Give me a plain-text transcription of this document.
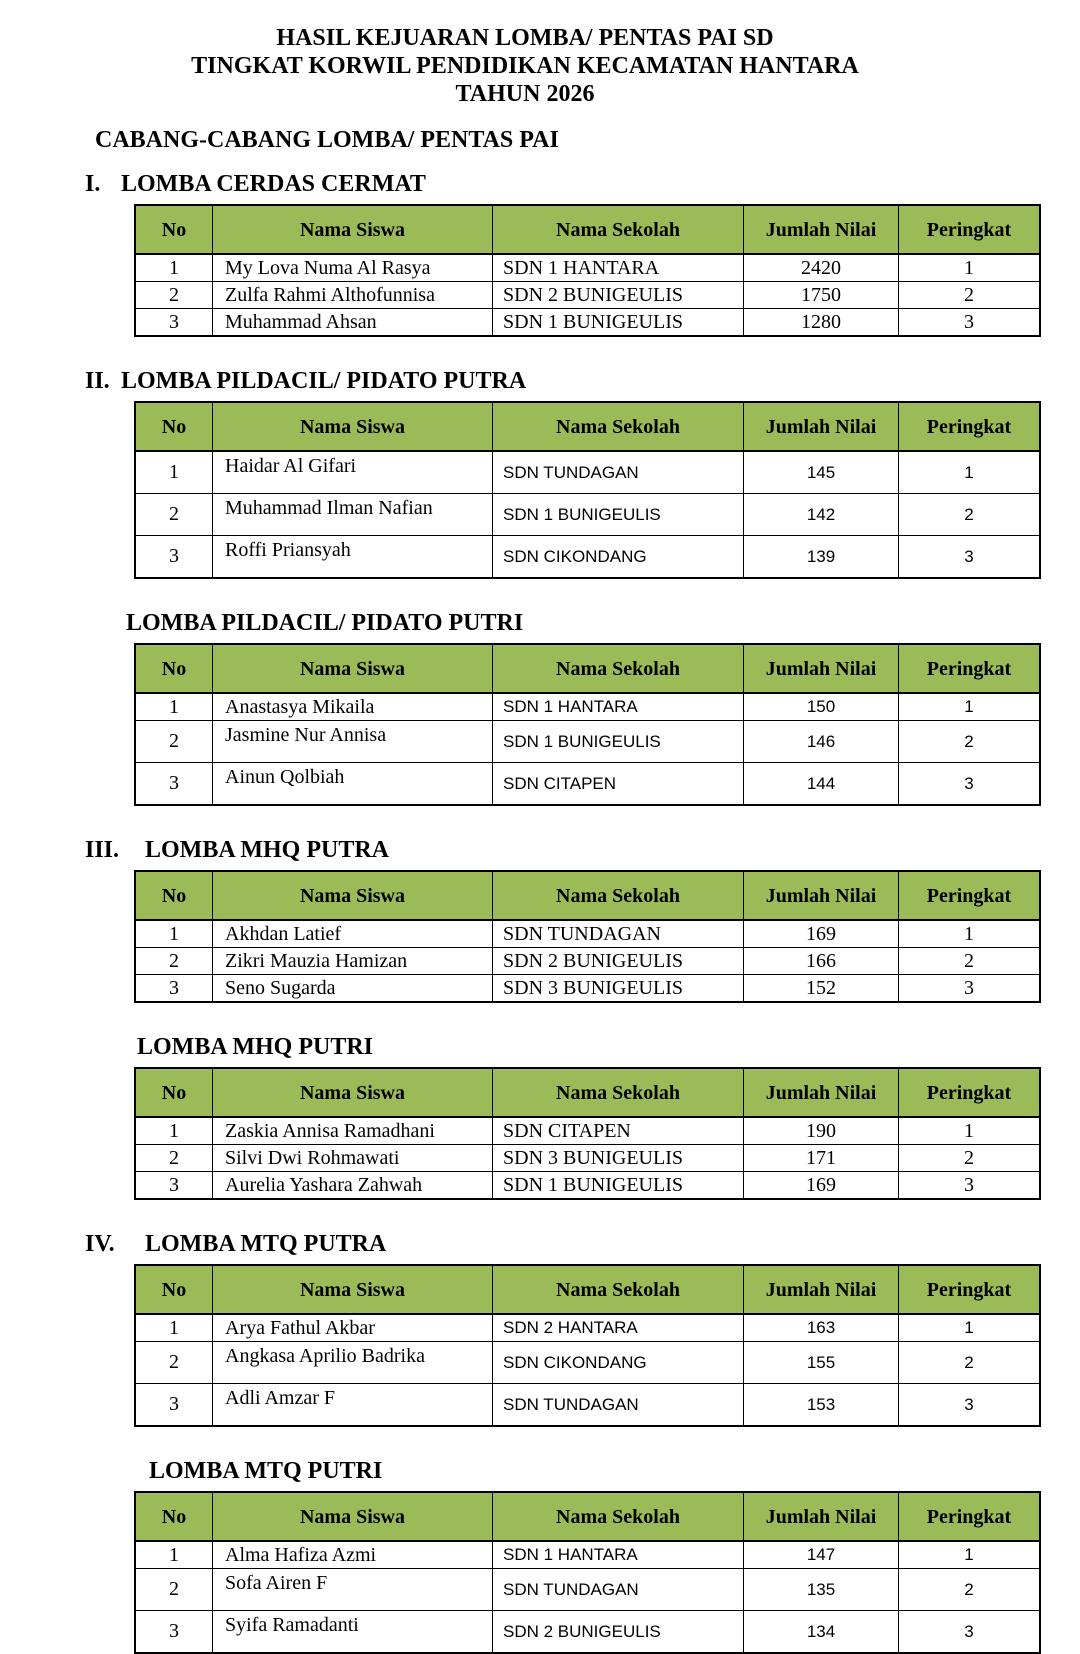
HASIL KEJUARAN LOMBA/ PENTAS PAI SD
TINGKAT KORWIL PENDIDIKAN KECAMATAN HANTARA
TAHUN 2026
CABANG-CABANG LOMBA/ PENTAS PAI
I. LOMBA CERDAS CERMAT
No	Nama Siswa	Nama Sekolah	Jumlah Nilai	Peringkat
1	My Lova Numa Al Rasya	SDN 1 HANTARA	2420	1
2	Zulfa Rahmi Althofunnisa	SDN 2 BUNIGEULIS	1750	2
3	Muhammad Ahsan	SDN 1 BUNIGEULIS	1280	3
II. LOMBA PILDACIL/ PIDATO PUTRA
No	Nama Siswa	Nama Sekolah	Jumlah Nilai	Peringkat
1	Haidar Al Gifari	SDN TUNDAGAN	145	1
2	Muhammad Ilman Nafian	SDN 1 BUNIGEULIS	142	2
3	Roffi Priansyah	SDN CIKONDANG	139	3
LOMBA PILDACIL/ PIDATO PUTRI
No	Nama Siswa	Nama Sekolah	Jumlah Nilai	Peringkat
1	Anastasya Mikaila	SDN 1 HANTARA	150	1
2	Jasmine Nur Annisa	SDN 1 BUNIGEULIS	146	2
3	Ainun Qolbiah	SDN CITAPEN	144	3
III.	LOMBA MHQ PUTRA
No	Nama Siswa	Nama Sekolah	Jumlah Nilai	Peringkat
1	Akhdan Latief	SDN TUNDAGAN	169	1
2	Zikri Mauzia Hamizan	SDN 2 BUNIGEULIS	166	2
3	Seno Sugarda	SDN 3 BUNIGEULIS	152	3
LOMBA MHQ PUTRI
No	Nama Siswa	Nama Sekolah	Jumlah Nilai	Peringkat
1	Zaskia Annisa Ramadhani	SDN CITAPEN	190	1
2	Silvi Dwi Rohmawati	SDN 3 BUNIGEULIS	171	2
3	Aurelia Yashara Zahwah	SDN 1 BUNIGEULIS	169	3
IV.	LOMBA MTQ PUTRA
No	Nama Siswa	Nama Sekolah	Jumlah Nilai	Peringkat
1	Arya Fathul Akbar	SDN 2 HANTARA	163	1
2	Angkasa Aprilio Badrika	SDN CIKONDANG	155	2
3	Adli Amzar F	SDN TUNDAGAN	153	3
LOMBA MTQ PUTRI
No	Nama Siswa	Nama Sekolah	Jumlah Nilai	Peringkat
1	Alma Hafiza Azmi	SDN 1 HANTARA	147	1
2	Sofa Airen F	SDN TUNDAGAN	135	2
3	Syifa Ramadanti	SDN 2 BUNIGEULIS	134	3
